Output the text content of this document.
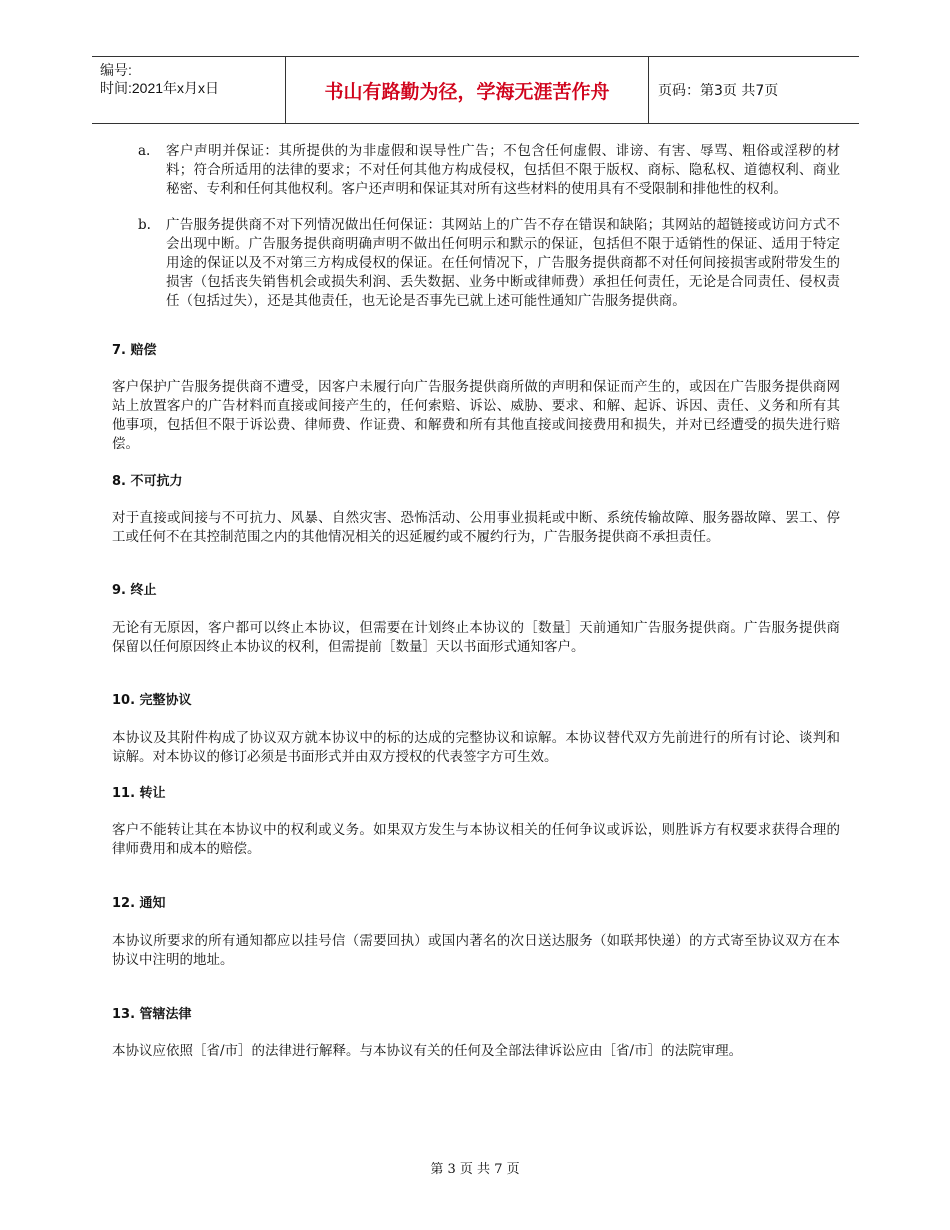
编号:
时间:2021年x月x日	书山有路勤为径，学海无涯苦作舟	页码：第3页 共7页
a.	客户声明并保证：其所提供的为非虚假和误导性广告；不包含任何虚假、诽谤、有害、辱骂、粗俗或淫秽的材料；符合所适用的法律的要求；不对任何其他方构成侵权，包括但不限于版权、商标、隐私权、道德权利、商业秘密、专利和任何其他权利。客户还声明和保证其对所有这些材料的使用具有不受限制和排他性的权利。
b.	广告服务提供商不对下列情况做出任何保证：其网站上的广告不存在错误和缺陷；其网站的超链接或访问方式不会出现中断。广告服务提供商明确声明不做出任何明示和默示的保证，包括但不限于适销性的保证、适用于特定用途的保证以及不对第三方构成侵权的保证。在任何情况下，广告服务提供商都不对任何间接损害或附带发生的损害（包括丧失销售机会或损失利润、丢失数据、业务中断或律师费）承担任何责任，无论是合同责任、侵权责任（包括过失），还是其他责任，也无论是否事先已就上述可能性通知广告服务提供商。
7. 赔偿

客户保护广告服务提供商不遭受，因客户未履行向广告服务提供商所做的声明和保证而产生的，或因在广告服务提供商网站上放置客户的广告材料而直接或间接产生的，任何索赔、诉讼、威胁、要求、和解、起诉、诉因、责任、义务和所有其他事项，包括但不限于诉讼费、律师费、作证费、和解费和所有其他直接或间接费用和损失，并对已经遭受的损失进行赔偿。

8. 不可抗力

对于直接或间接与不可抗力、风暴、自然灾害、恐怖活动、公用事业损耗或中断、系统传输故障、服务器故障、罢工、停工或任何不在其控制范围之内的其他情况相关的迟延履约或不履约行为，广告服务提供商不承担责任。

9. 终止

无论有无原因，客户都可以终止本协议，但需要在计划终止本协议的［数量］天前通知广告服务提供商。广告服务提供商保留以任何原因终止本协议的权利，但需提前［数量］天以书面形式通知客户。

10. 完整协议

本协议及其附件构成了协议双方就本协议中的标的达成的完整协议和谅解。本协议替代双方先前进行的所有讨论、谈判和谅解。对本协议的修订必须是书面形式并由双方授权的代表签字方可生效。

11. 转让

客户不能转让其在本协议中的权利或义务。如果双方发生与本协议相关的任何争议或诉讼，则胜诉方有权要求获得合理的律师费用和成本的赔偿。

12. 通知

本协议所要求的所有通知都应以挂号信（需要回执）或国内著名的次日送达服务（如联邦快递）的方式寄至协议双方在本协议中注明的地址。

13. 管辖法律

本协议应依照［省/市］的法律进行解释。与本协议有关的任何及全部法律诉讼应由［省/市］的法院审理。

第 3 页 共 7 页
